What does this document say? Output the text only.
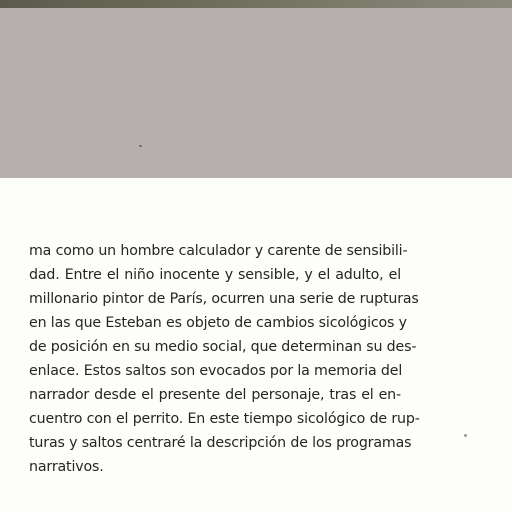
ma como un hombre calculador y carente de sensibili-
dad. Entre el niño inocente y sensible, y el adulto, el
millonario pintor de París, ocurren una serie de rupturas
en las que Esteban es objeto de cambios sicológicos y
de posición en su medio social, que determinan su des-
enlace. Estos saltos son evocados por la memoria del
narrador desde el presente del personaje, tras el en-
cuentro con el perrito. En este tiempo sicológico de rup-
turas y saltos centraré la descripción de los programas
narrativos.
